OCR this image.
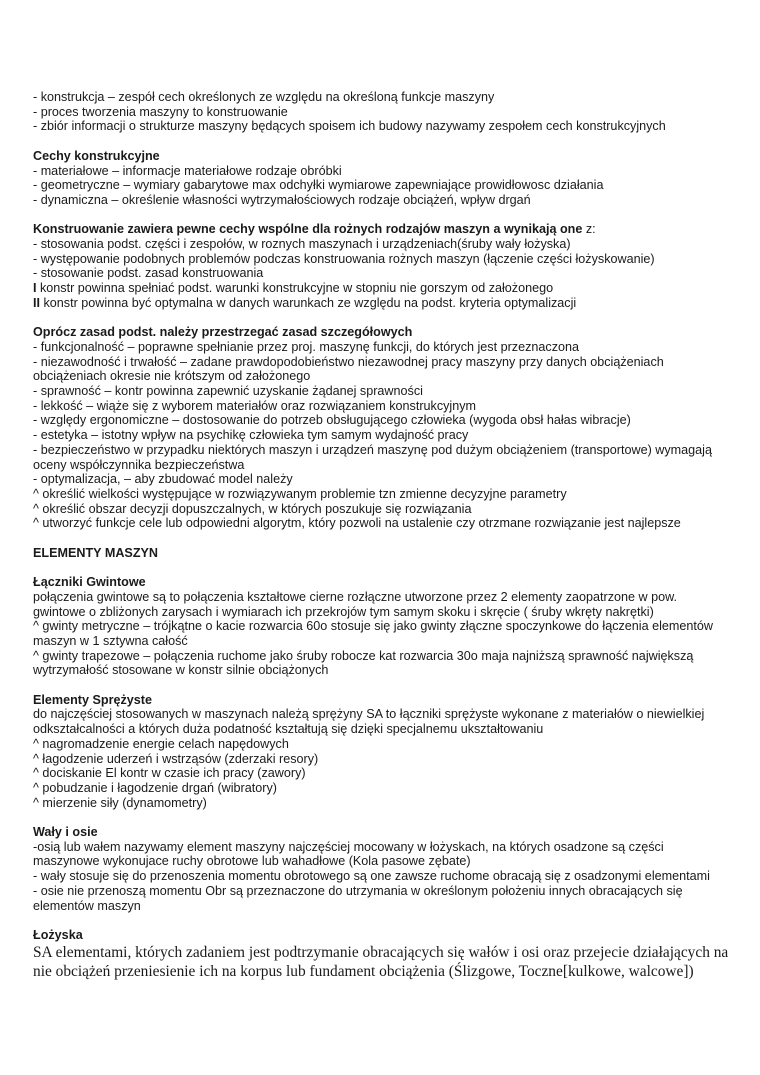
- konstrukcja – zespół cech określonych ze względu na określoną funkcje maszyny
- proces tworzenia maszyny to konstruowanie
- zbiór informacji o strukturze maszyny będących spoisem ich budowy nazywamy zespołem cech konstrukcyjnych
Cechy konstrukcyjne
- materiałowe – informacje materiałowe rodzaje obróbki
- geometryczne – wymiary gabarytowe max odchyłki wymiarowe zapewniające prowidłowosc działania
- dynamiczna – określenie własności wytrzymałościowych rodzaje obciążeń, wpływ drgań
Konstruowanie zawiera pewne cechy wspólne dla rożnych rodzajów maszyn a wynikają one z:
- stosowania podst. części i zespołów, w roznych maszynach i urządzeniach(śruby wały łożyska)
- występowanie podobnych problemów podczas konstruowania rożnych maszyn (łączenie części łożyskowanie)
- stosowanie podst. zasad konstruowania
I konstr powinna spełniać podst. warunki konstrukcyjne w stopniu nie gorszym od założonego
II konstr powinna być optymalna w danych warunkach ze względu na podst. kryteria optymalizacji
Oprócz zasad podst. należy przestrzegać zasad szczegółowych
- funkcjonalność – poprawne spełnianie przez proj. maszynę funkcji, do których jest przeznaczona
- niezawodność i trwałość – zadane prawdopodobieństwo niezawodnej pracy maszyny przy danych obciążeniach obciążeniach okresie nie krótszym od założonego
- sprawność – kontr powinna zapewnić uzyskanie żądanej sprawności
- lekkość – wiąże się z wyborem materiałów oraz rozwiązaniem konstrukcyjnym
- względy ergonomiczne – dostosowanie do potrzeb obsługującego człowieka (wygoda obsł hałas wibracje)
- estetyka – istotny wpływ na psychikę człowieka tym samym wydajność pracy
- bezpieczeństwo w przypadku niektórych maszyn i urządzeń maszynę pod dużym obciążeniem (transportowe) wymagają oceny współczynnika bezpieczeństwa
- optymalizacja, – aby zbudować model należy
^ określić wielkości występujące w rozwiązywanym problemie tzn zmienne decyzyjne parametry
^ określić obszar decyzji dopuszczalnych, w których poszukuje się rozwiązania
^ utworzyć funkcje cele lub odpowiedni algorytm, który pozwoli na ustalenie czy otrzmane rozwiązanie jest najlepsze
ELEMENTY MASZYN
Łączniki Gwintowe
połączenia gwintowe są to połączenia kształtowe cierne rozłączne utworzone przez 2 elementy zaopatrzone w pow.
gwintowe o zbliżonych zarysach i wymiarach ich przekrojów tym samym skoku i skręcie ( śruby wkręty nakrętki)
^ gwinty metryczne – trójkątne o kacie rozwarcia 60o stosuje się jako gwinty złączne spoczynkowe do łączenia elementów maszyn w 1 sztywna całość
^ gwinty trapezowe – połączenia ruchome jako śruby robocze kat rozwarcia 30o maja najniższą sprawność największą wytrzymałość stosowane w konstr silnie obciążonych
Elementy Sprężyste
do najczęściej stosowanych w maszynach należą sprężyny SA to łączniki sprężyste wykonane z materiałów o niewielkiej odkształcalności a których duża podatność kształtują się dzięki specjalnemu ukształtowaniu
^ nagromadzenie energie celach napędowych
^ łagodzenie uderzeń i wstrząsów (zderzaki resory)
^ dociskanie El kontr w czasie ich pracy (zawory)
^ pobudzanie i łagodzenie drgań (wibratory)
^ mierzenie siły (dynamometry)
Wały i osie
-osią lub wałem nazywamy element maszyny najczęściej mocowany w łożyskach, na których osadzone są części maszynowe wykonujace ruchy obrotowe lub wahadłowe (Kola pasowe zębate)
- wały stosuje się do przenoszenia momentu obrotowego są one zawsze ruchome obracają się z osadzonymi elementami
- osie nie przenoszą momentu Obr są przeznaczone do utrzymania w określonym położeniu innych obracających się elementów maszyn
Łożyska
SA elementami, których zadaniem jest podtrzymanie obracających się wałów i osi oraz przejecie działających na nie obciążeń przeniesienie ich na korpus lub fundament obciążenia (Ślizgowe, Toczne[kulkowe, walcowe])
